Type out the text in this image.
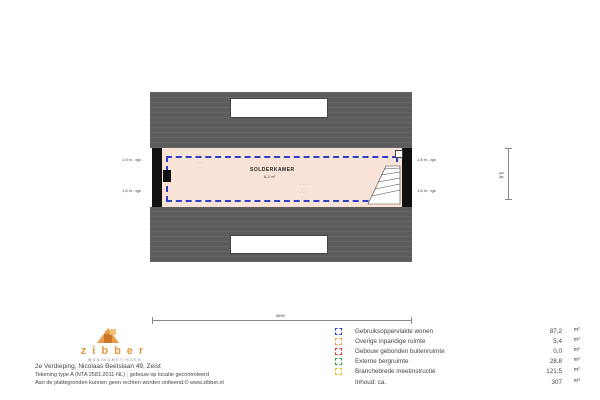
· · · ·
· · ·
· · · ·
· · ·
SOLDERKAMER
8,2 m²
1,8 m - tgs
1,8 m - tgs
1,8 m - tgs
1,8 m - tgs
8890
3,6
zibber
WONINGMETINGEN
2e Verdieping, Nicolaas Beetslaan 49, Zeist
Tekening type A (NTA 2581:2011-NL) ; gebouw op locatie gecontroleerd
Aan de plattegronden kunnen geen rechten worden ontleend.© www.zibber.nl
Gebruiksoppervlakte wonen	87,2 m²
Overige inpandige ruimte	5,4 m²
Gebouw gebonden buitenruimte	0,0 m²
Externe bergruimte	28,8 m²
Branchebrede meetinstructie	121,5 m²
Inhoud: ca.	307 m³
